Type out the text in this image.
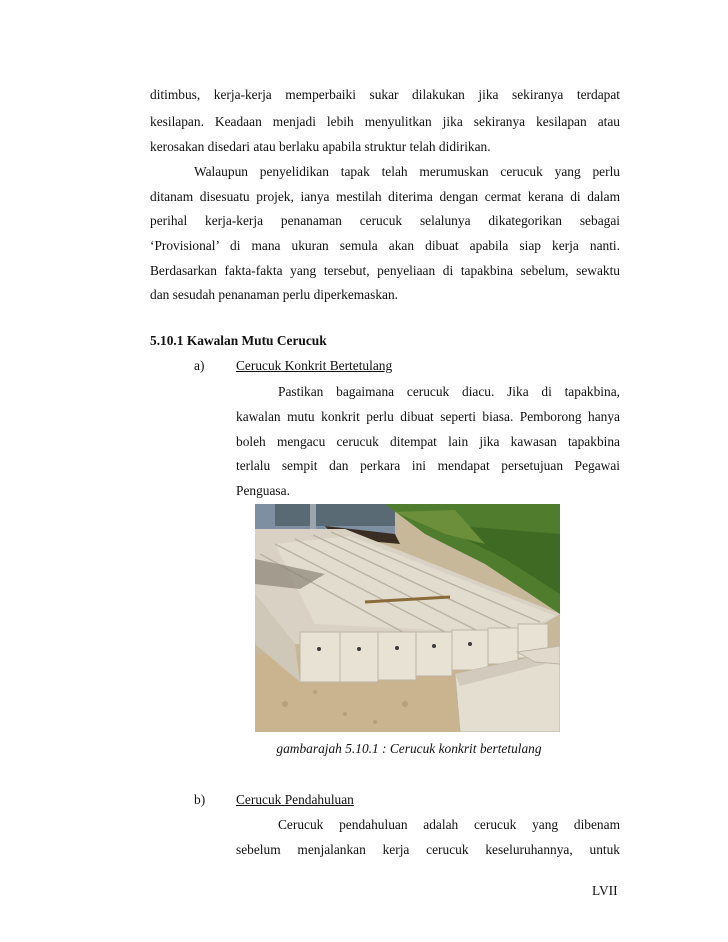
ditimbus, kerja-kerja memperbaiki sukar dilakukan jika sekiranya terdapat
kesilapan. Keadaan menjadi lebih menyulitkan jika sekiranya kesilapan atau
kerosakan disedari atau berlaku apabila struktur telah didirikan.
Walaupun penyelidikan tapak telah merumuskan cerucuk yang perlu
ditanam disesuatu projek, ianya mestilah diterima dengan cermat kerana di dalam
perihal kerja-kerja penanaman cerucuk selalunya dikategorikan sebagai
‘Provisional’ di mana ukuran semula akan dibuat apabila siap kerja nanti.
Berdasarkan fakta-fakta yang tersebut, penyeliaan di tapakbina sebelum, sewaktu
dan sesudah penanaman perlu diperkemaskan.
5.10.1 Kawalan Mutu Cerucuk
a) Cerucuk Konkrit Bertetulang
Pastikan bagaimana cerucuk diacu. Jika di tapakbina,
kawalan mutu konkrit perlu dibuat seperti biasa. Pemborong hanya
boleh mengacu cerucuk ditempat lain jika kawasan tapakbina
terlalu sempit dan perkara ini mendapat persetujuan Pegawai
Penguasa.
gambarajah 5.10.1 : Cerucuk konkrit bertetulang
b) Cerucuk Pendahuluan
Cerucuk pendahuluan adalah cerucuk yang dibenam
sebelum menjalankan kerja cerucuk keseluruhannya, untuk
LVII
